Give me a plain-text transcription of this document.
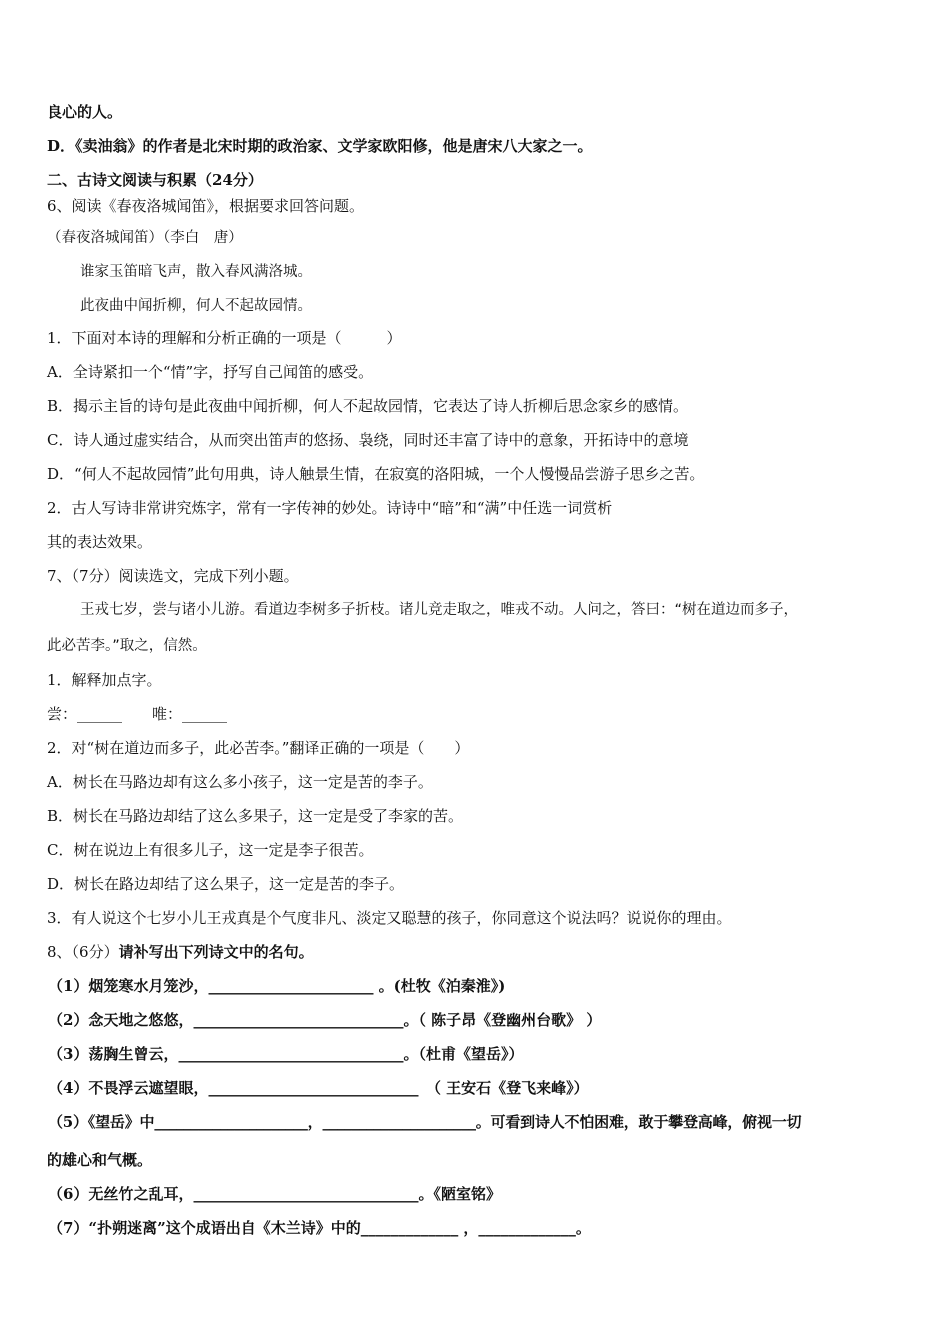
良心的人。
D．《卖油翁》的作者是北宋时期的政治家、文学家欧阳修，他是唐宋八大家之一。
二、古诗文阅读与积累（24分）
6、阅读《春夜洛城闻笛》，根据要求回答问题。
（春夜洛城闻笛）（李白　唐）
谁家玉笛暗飞声，散入春风满洛城。
此夜曲中闻折柳，何人不起故园情。
1．下面对本诗的理解和分析正确的一项是（　　　）
A．全诗紧扣一个“情”字，抒写自己闻笛的感受。
B．揭示主旨的诗句是此夜曲中闻折柳，何人不起故园情，它表达了诗人折柳后思念家乡的感情。
C．诗人通过虚实结合，从而突出笛声的悠扬、袅绕，同时还丰富了诗中的意象，开拓诗中的意境
D．“何人不起故园情”此句用典，诗人触景生情，在寂寞的洛阳城，一个人慢慢品尝游子思乡之苦。
2．古人写诗非常讲究炼字，常有一字传神的妙处。诗诗中“暗”和“满”中任选一词赏析
其的表达效果。
7、（7分）阅读选文，完成下列小题。
王戎七岁，尝与诸小儿游。看道边李树多子折枝。诸儿竞走取之，唯戎不动。人问之，答曰：“树在道边而多子，
此必苦李。”取之，信然。
1．解释加点字。
尝：______　　唯：______
2．对“树在道边而多子，此必苦李。”翻译正确的一项是（　　）
A．树长在马路边却有这么多小孩子，这一定是苦的李子。
B．树长在马路边却结了这么多果子，这一定是受了李家的苦。
C．树在说边上有很多儿子，这一定是李子很苦。
D．树长在路边却结了这么果子，这一定是苦的李子。
3．有人说这个七岁小儿王戎真是个气度非凡、淡定又聪慧的孩子，你同意这个说法吗？说说你的理由。
8、（6分）请补写出下列诗文中的名句。
（1）烟笼寒水月笼沙，______________________ 。(杜牧《泊秦淮》)
（2）念天地之悠悠，____________________________。（ 陈子昂《登幽州台歌》 ）
（3）荡胸生曾云，______________________________。（杜甫《望岳》）
（4）不畏浮云遮望眼，____________________________　（ 王安石《登飞来峰》）
（5）《望岳》中_____________________，_____________________。可看到诗人不怕困难，敢于攀登高峰，俯视一切
的雄心和气概。
（6）无丝竹之乱耳，______________________________。《陋室铭》
（7）“扑朔迷离”这个成语出自《木兰诗》中的_____________ ，_____________。
